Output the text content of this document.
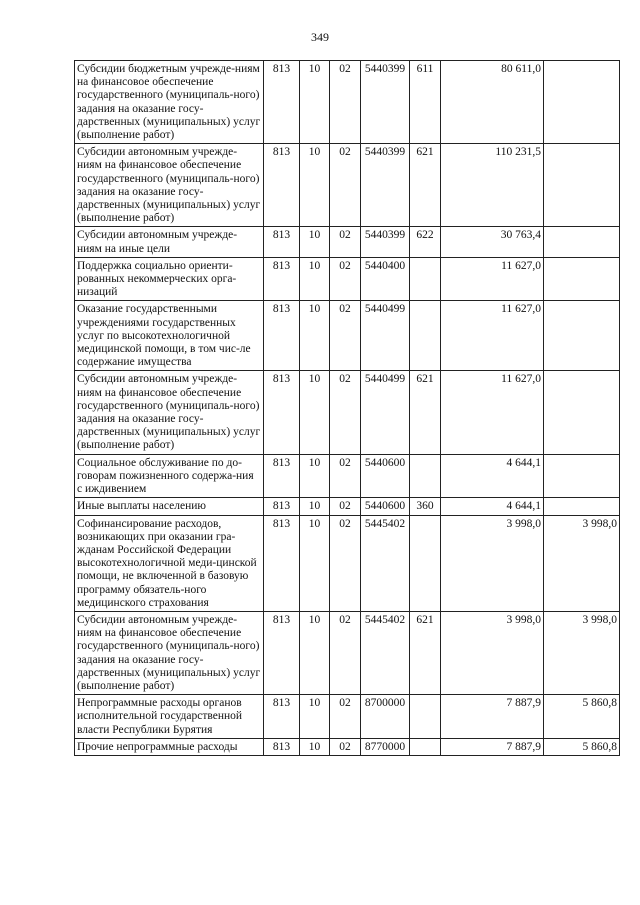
349
Субсидии бюджетным учрежде-ниям на финансовое обеспечение государственного (муниципаль-ного) задания на оказание госу-дарственных (муниципальных) услуг (выполнение работ)	813	10	02	5440399	611	80 611,0	
Субсидии автономным учрежде-ниям на финансовое обеспечение государственного (муниципаль-ного) задания на оказание госу-дарственных (муниципальных) услуг (выполнение работ)	813	10	02	5440399	621	110 231,5	
Субсидии автономным учрежде-ниям на иные цели	813	10	02	5440399	622	30 763,4	
Поддержка социально ориенти-рованных некоммерческих орга-низаций	813	10	02	5440400		11 627,0	
Оказание государственными учреждениями государственных услуг по высокотехнологичной медицинской помощи, в том чис-ле содержание имущества	813	10	02	5440499		11 627,0	
Субсидии автономным учрежде-ниям на финансовое обеспечение государственного (муниципаль-ного) задания на оказание госу-дарственных (муниципальных) услуг (выполнение работ)	813	10	02	5440499	621	11 627,0	
Социальное обслуживание по до-говорам пожизненного содержа-ния с иждивением	813	10	02	5440600		4 644,1	
Иные выплаты населению	813	10	02	5440600	360	4 644,1	
Софинансирование расходов, возникающих при оказании гра-жданам Российской Федерации высокотехнологичной меди-цинской помощи, не включенной в базовую программу обязатель-ного медицинского страхования	813	10	02	5445402		3 998,0	3 998,0
Субсидии автономным учрежде-ниям на финансовое обеспечение государственного (муниципаль-ного) задания на оказание госу-дарственных (муниципальных) услуг (выполнение работ)	813	10	02	5445402	621	3 998,0	3 998,0
Непрограммные расходы органов исполнительной государственной власти Республики Бурятия	813	10	02	8700000		7 887,9	5 860,8
Прочие непрограммные расходы	813	10	02	8770000		7 887,9	5 860,8
